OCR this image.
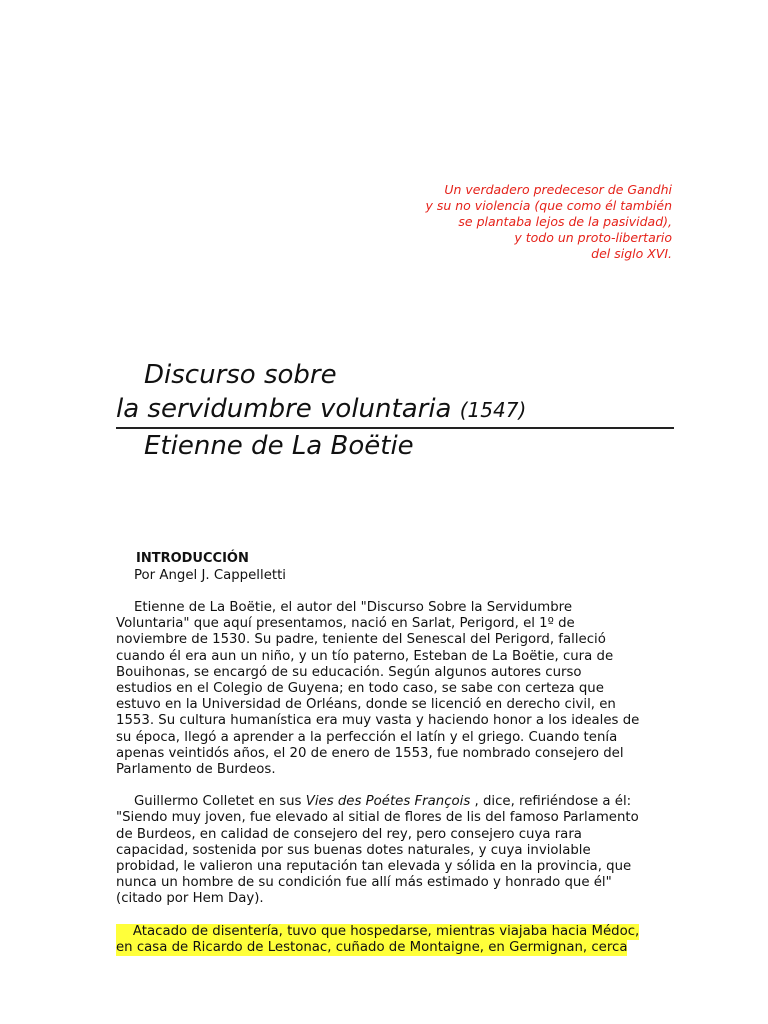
Un verdadero predecesor de Gandhi
y su no violencia (que como él también
se plantaba lejos de la pasividad),
y todo un proto-libertario
del siglo XVI.
Discurso sobre
la servidumbre voluntaria (1547)
Etienne de La Boëtie
INTRODUCCIÓN
Por Angel J. Cappelletti
Etienne de La Boëtie, el autor del "Discurso Sobre la Servidumbre
Voluntaria" que aquí presentamos, nació en Sarlat, Perigord, el 1º de
noviembre de 1530. Su padre, teniente del Senescal del Perigord, falleció
cuando él era aun un niño, y un tío paterno, Esteban de La Boëtie, cura de
Bouihonas, se encargó de su educación. Según algunos autores curso
estudios en el Colegio de Guyena; en todo caso, se sabe con certeza que
estuvo en la Universidad de Orléans, donde se licenció en derecho civil, en
1553. Su cultura humanística era muy vasta y haciendo honor a los ideales de
su época, llegó a aprender a la perfección el latín y el griego. Cuando tenía
apenas veintidós años, el 20 de enero de 1553, fue nombrado consejero del
Parlamento de Burdeos.
Guillermo Colletet en sus Vies des Poétes François , dice, refiriéndose a él:
"Siendo muy joven, fue elevado al sitial de flores de lis del famoso Parlamento
de Burdeos, en calidad de consejero del rey, pero consejero cuya rara
capacidad, sostenida por sus buenas dotes naturales, y cuya inviolable
probidad, le valieron una reputación tan elevada y sólida en la provincia, que
nunca un hombre de su condición fue allí más estimado y honrado que él"
(citado por Hem Day).
Atacado de disentería, tuvo que hospedarse, mientras viajaba hacia Médoc,
en casa de Ricardo de Lestonac, cuñado de Montaigne, en Germignan, cerca
